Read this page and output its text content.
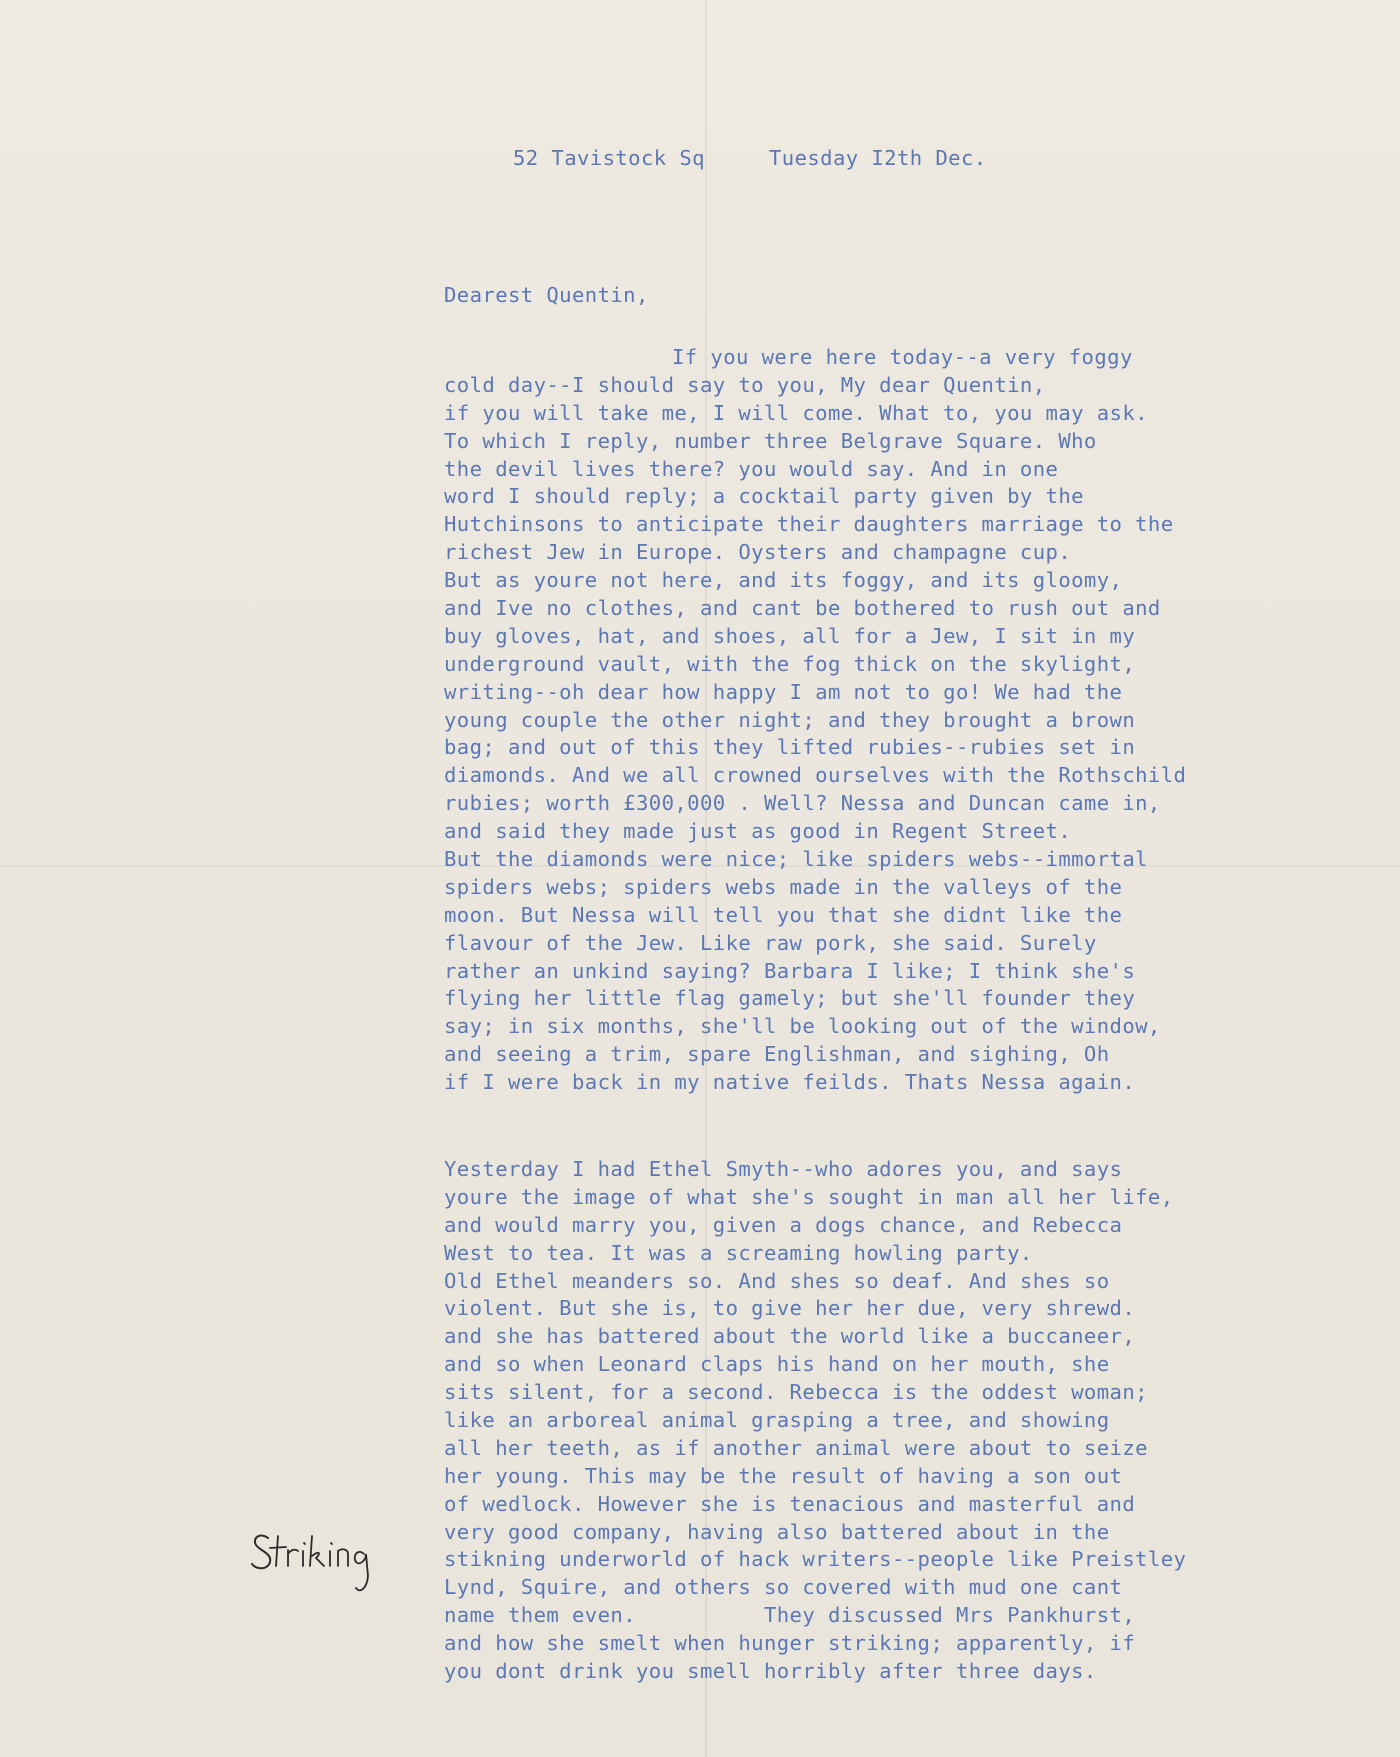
52 Tavistock Sq	Tuesday I2th Dec.
Dearest Quentin,
If you were here today--a very foggy
cold day--I should say to you, My dear Quentin,
if you will take me, I will come. What to, you may ask.
To which I reply, number three Belgrave Square. Who
the devil lives there? you would say. And in one
word I should reply; a cocktail party given by the
Hutchinsons to anticipate their daughters marriage to the
richest Jew in Europe. Oysters and champagne cup.
But as youre not here, and its foggy, and its gloomy,
and Ive no clothes, and cant be bothered to rush out and
buy gloves, hat, and shoes, all for a Jew, I sit in my
underground vault, with the fog thick on the skylight,
writing--oh dear how happy I am not to go! We had the
young couple the other night; and they brought a brown
bag; and out of this they lifted rubies--rubies set in
diamonds. And we all crowned ourselves with the Rothschild
rubies; worth £300,000 . Well? Nessa and Duncan came in,
and said they made just as good in Regent Street.
But the diamonds were nice; like spiders webs--immortal
spiders webs; spiders webs made in the valleys of the
moon. But Nessa will tell you that she didnt like the
flavour of the Jew. Like raw pork, she said. Surely
rather an unkind saying? Barbara I like; I think she's
flying her little flag gamely; but she'll founder they
say; in six months, she'll be looking out of the window,
and seeing a trim, spare Englishman, and sighing, Oh
if I were back in my native feilds. Thats Nessa again.
Yesterday I had Ethel Smyth--who adores you, and says
youre the image of what she's sought in man all her life,
and would marry you, given a dogs chance, and Rebecca
West to tea. It was a screaming howling party.
Old Ethel meanders so. And shes so deaf. And shes so
violent. But she is, to give her her due, very shrewd.
and she has battered about the world like a buccaneer,
and so when Leonard claps his hand on her mouth, she
sits silent, for a second. Rebecca is the oddest woman;
like an arboreal animal grasping a tree, and showing
all her teeth, as if another animal were about to seize
her young. This may be the result of having a son out
of wedlock. However she is tenacious and masterful and
very good company, having also battered about in the
stikning underworld of hack writers--people like Preistley
Lynd, Squire, and others so covered with mud one cant
name them even.          They discussed Mrs Pankhurst,
and how she smelt when hunger striking; apparently, if
you dont drink you smell horribly after three days.
